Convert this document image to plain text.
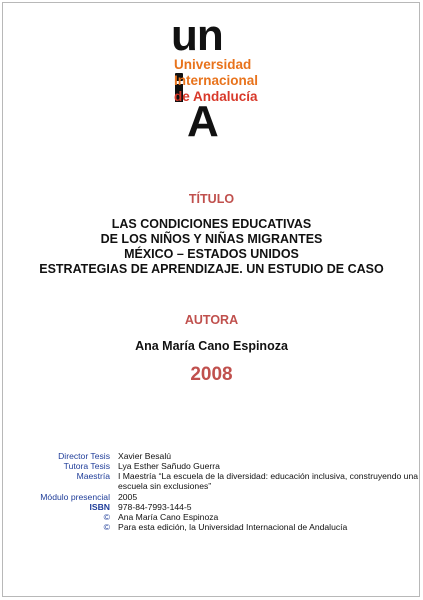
un
A
Universidad
Internacional
de Andalucía
TÍTULO
LAS CONDICIONES EDUCATIVAS
DE LOS NIÑOS Y NIÑAS MIGRANTES
MÉXICO – ESTADOS UNIDOS
ESTRATEGIAS DE APRENDIZAJE. UN ESTUDIO DE CASO
AUTORA
Ana María Cano Espinoza
2008
Director Tesis Xavier Besalú
Tutora Tesis Lya Esther Sañudo Guerra
Maestría I Maestría “La escuela de la diversidad: educación inclusiva, construyendo una escuela sin exclusiones”
Módulo presencial 2005
ISBN 978-84-7993-144-5
© Ana María Cano Espinoza
© Para esta edición, la Universidad Internacional de Andalucía
